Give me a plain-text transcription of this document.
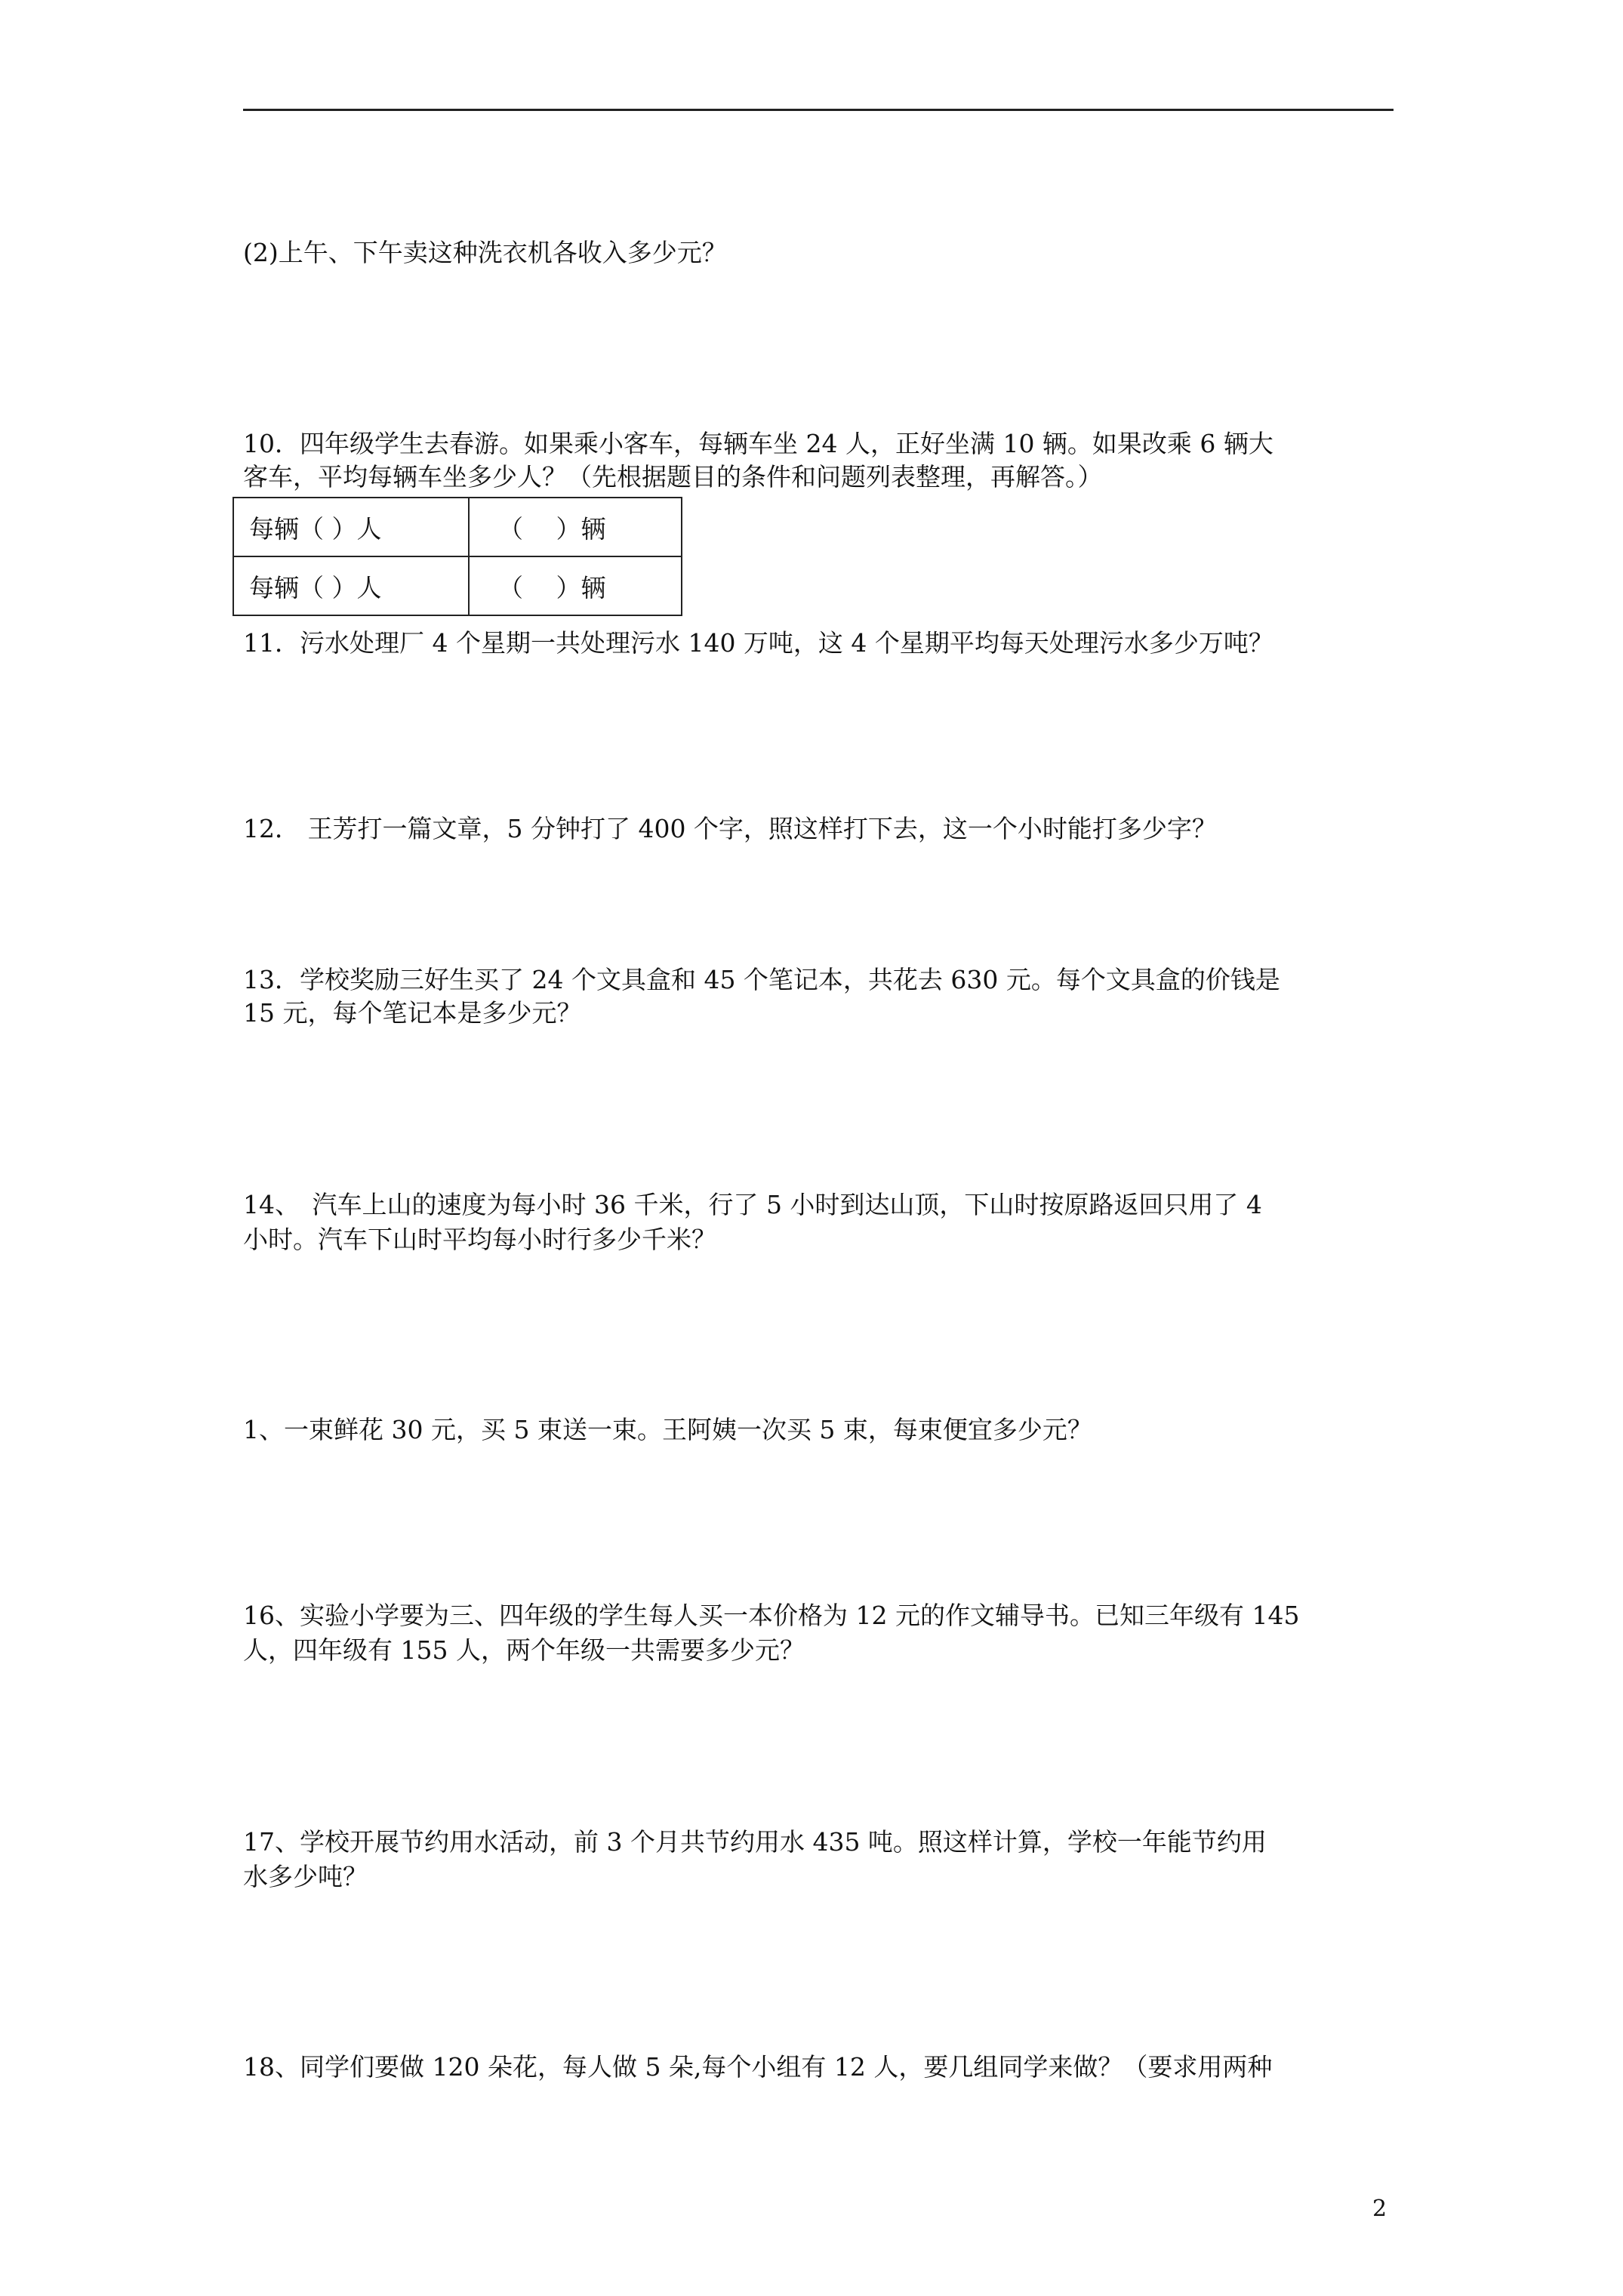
(2)上午、下午卖这种洗衣机各收入多少元？
10．四年级学生去春游。如果乘小客车，每辆车坐 24 人，正好坐满 10 辆。如果改乘 6 辆大
客车，平均每辆车坐多少人？（先根据题目的条件和问题列表整理，再解答。）
每辆（ ）人	（　 ）辆
每辆（ ）人	（　 ）辆
11．污水处理厂 4 个星期一共处理污水 140 万吨，这 4 个星期平均每天处理污水多少万吨？
12． 王芳打一篇文章，5 分钟打了 400 个字，照这样打下去，这一个小时能打多少字？
13．学校奖励三好生买了 24 个文具盒和 45 个笔记本，共花去 630 元。每个文具盒的价钱是
15 元，每个笔记本是多少元？
14、　汽车上山的速度为每小时 36 千米，行了 5 小时到达山顶，下山时按原路返回只用了 4
小时。汽车下山时平均每小时行多少千米？
1、一束鲜花 30 元，买 5 束送一束。王阿姨一次买 5 束，每束便宜多少元？
16、实验小学要为三、四年级的学生每人买一本价格为 12 元的作文辅导书。已知三年级有 145
人，四年级有 155 人，两个年级一共需要多少元？
17、学校开展节约用水活动，前 3 个月共节约用水 435 吨。照这样计算，学校一年能节约用
水多少吨？
18、同学们要做 120 朵花，每人做 5 朵,每个小组有 12 人，要几组同学来做？（要求用两种
2
